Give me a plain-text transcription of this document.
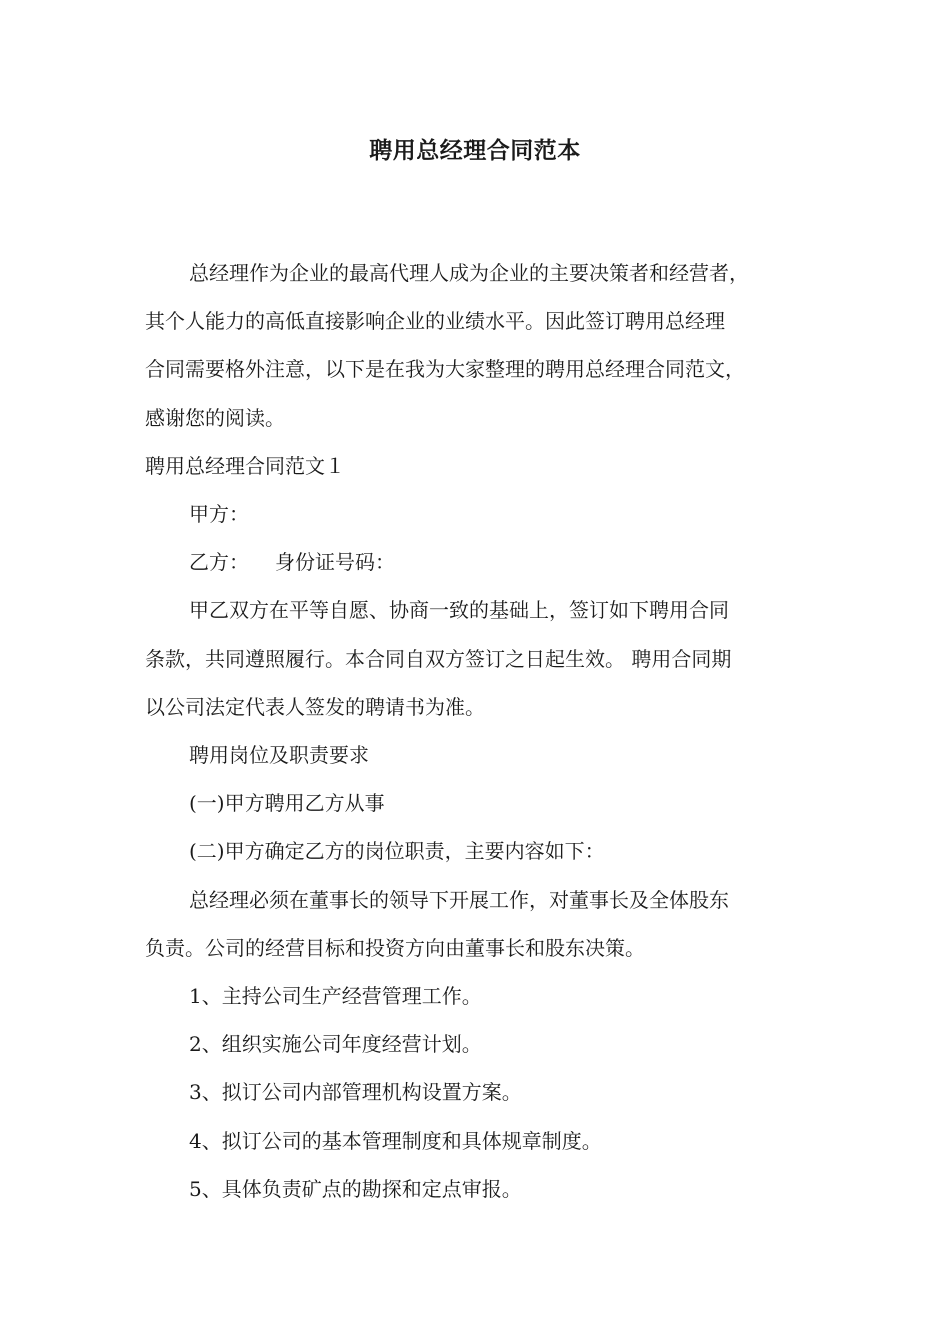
聘用总经理合同范本

总经理作为企业的最高代理人成为企业的主要决策者和经营者，

其个人能力的高低直接影响企业的业绩水平。因此签订聘用总经理

合同需要格外注意，以下是在我为大家整理的聘用总经理合同范文，

感谢您的阅读。

聘用总经理合同范文１

甲方：

乙方： 身份证号码：

甲乙双方在平等自愿、协商一致的基础上，签订如下聘用合同

条款，共同遵照履行。本合同自双方签订之日起生效。 聘用合同期

以公司法定代表人签发的聘请书为准。

聘用岗位及职责要求

(一)甲方聘用乙方从事

(二)甲方确定乙方的岗位职责，主要内容如下：

总经理必须在董事长的领导下开展工作，对董事长及全体股东

负责。公司的经营目标和投资方向由董事长和股东决策。

1、主持公司生产经营管理工作。

2、组织实施公司年度经营计划。

3、拟订公司内部管理机构设置方案。

4、拟订公司的基本管理制度和具体规章制度。

5、具体负责矿点的勘探和定点审报。
